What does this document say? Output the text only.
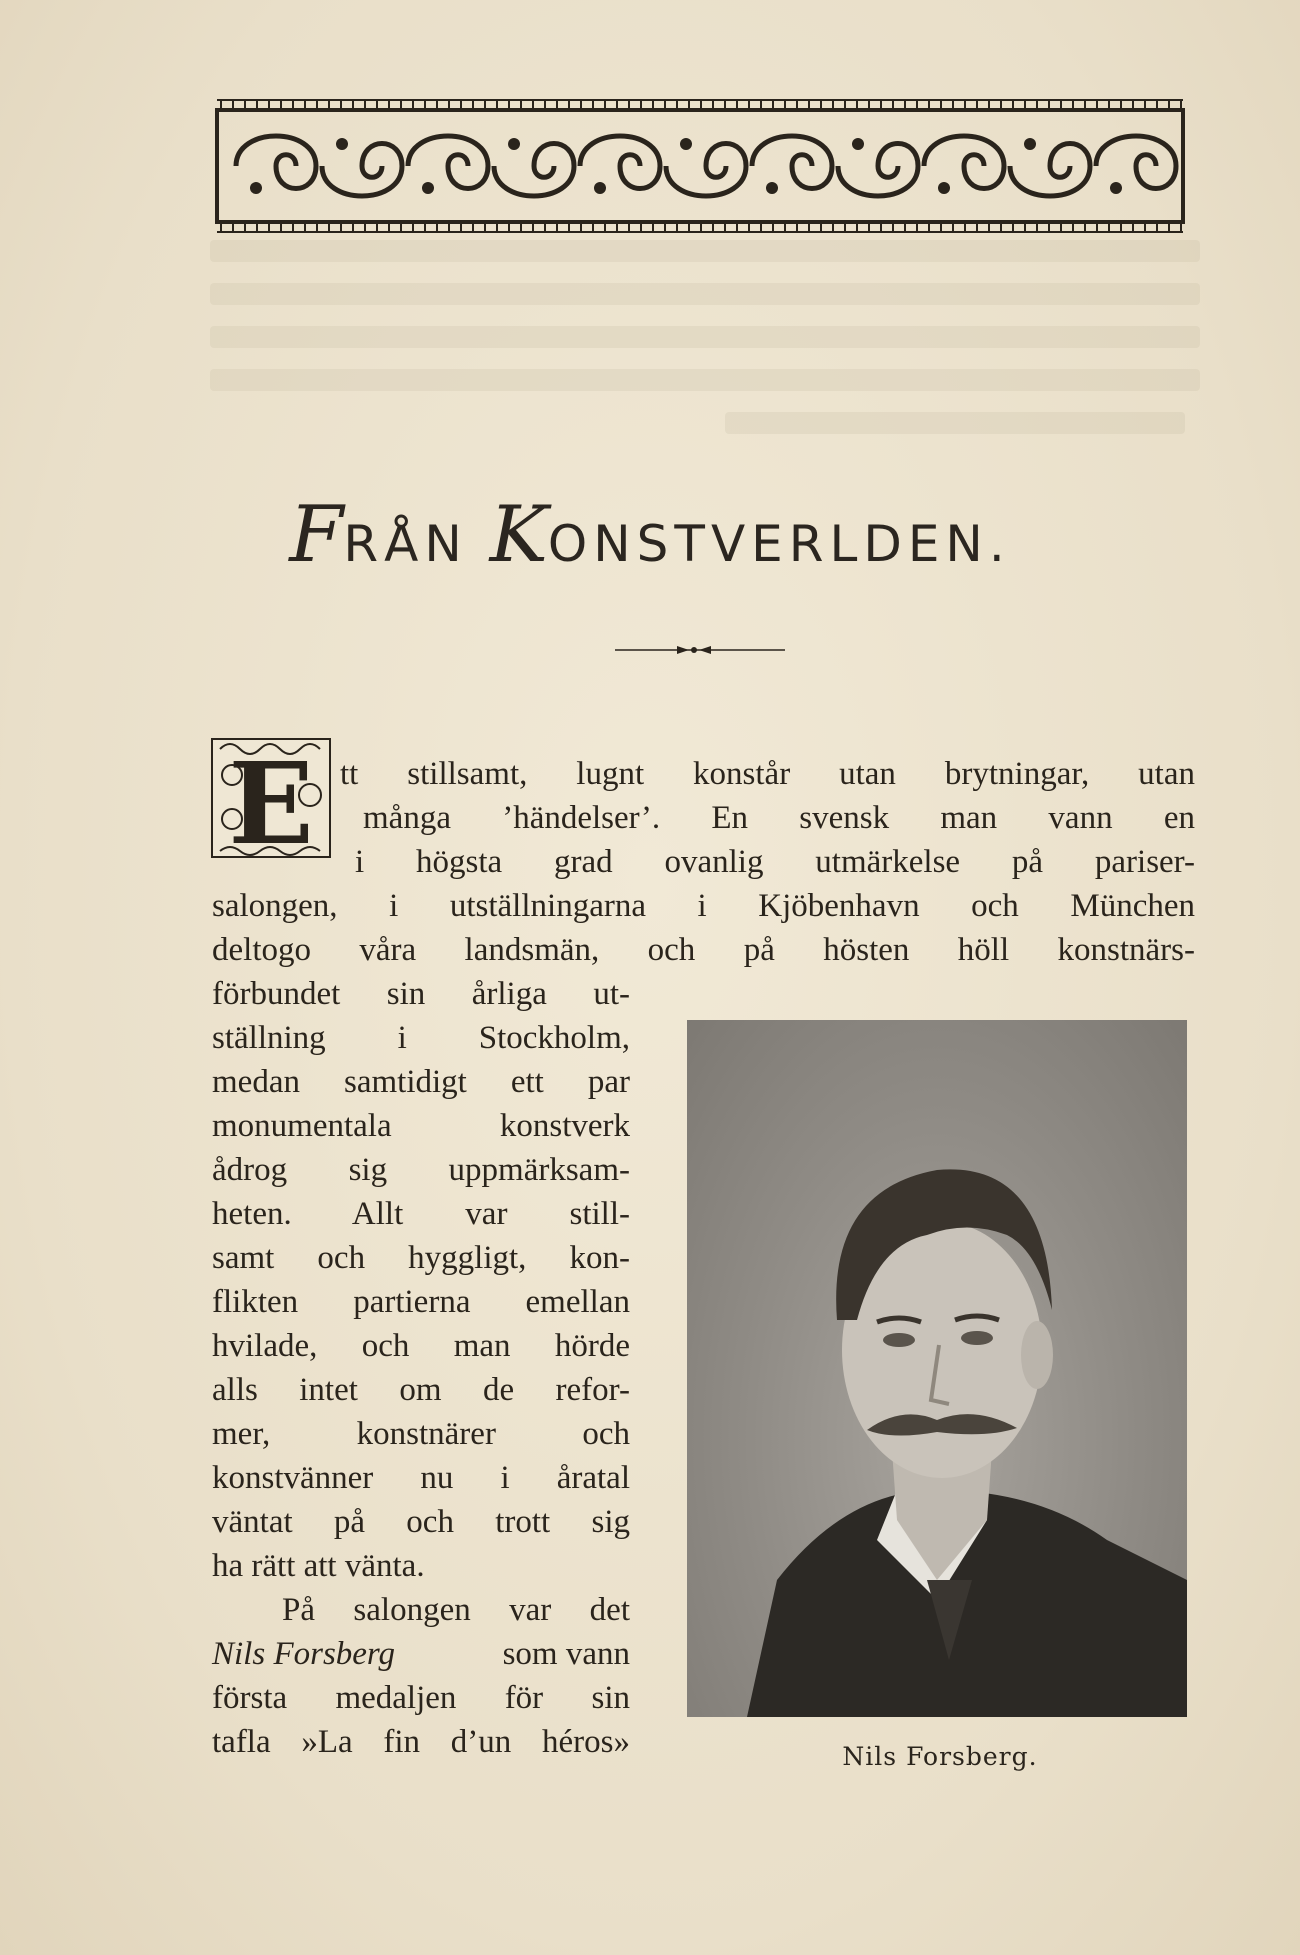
FRÅN KONSTVERLDEN.
E tt stillsamt, lugnt konstår utan brytningar, utan
många ’händelser’. En svensk man vann en
i högsta grad ovanlig utmärkelse på pariser-
salongen, i utställningarna i Kjöbenhavn och München
deltogo våra landsmän, och på hösten höll konstnärs-
förbundet sin årliga ut-
ställning i Stockholm,
medan samtidigt ett par
monumentala konstverk
ådrog sig uppmärksam-
heten. Allt var still-
samt och hyggligt, kon-
flikten partierna emellan
hvilade, och man hörde
alls intet om de refor-
mer, konstnärer och
konstvänner nu i åratal
väntat på och trott sig
ha rätt att vänta.
På salongen var det
Nils Forsberg	som vann
första medaljen för sin
tafla »La fin d’un héros»	Nils Forsberg.
